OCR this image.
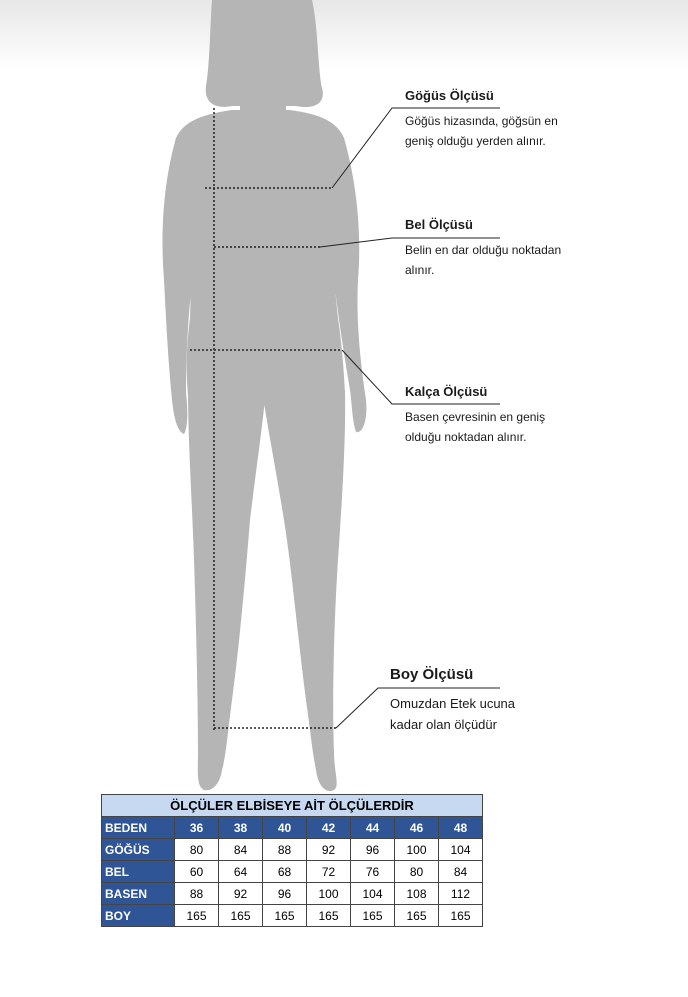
Göğüs Ölçüsü
Göğüs hizasında, göğsün en
geniş olduğu yerden alınır.
Bel Ölçüsü
Belin en dar olduğu noktadan
alınır.
Kalça Ölçüsü
Basen çevresinin en geniş
olduğu noktadan alınır.
Boy Ölçüsü
Omuzdan Etek ucuna
kadar olan ölçüdür
ÖLÇÜLER ELBİSEYE AİT ÖLÇÜLERDİR							
BEDEN	36	38	40	42	44	46	48
GÖĞÜS	80	84	88	92	96	100	104
BEL	60	64	68	72	76	80	84
BASEN	88	92	96	100	104	108	112
BOY	165	165	165	165	165	165	165
